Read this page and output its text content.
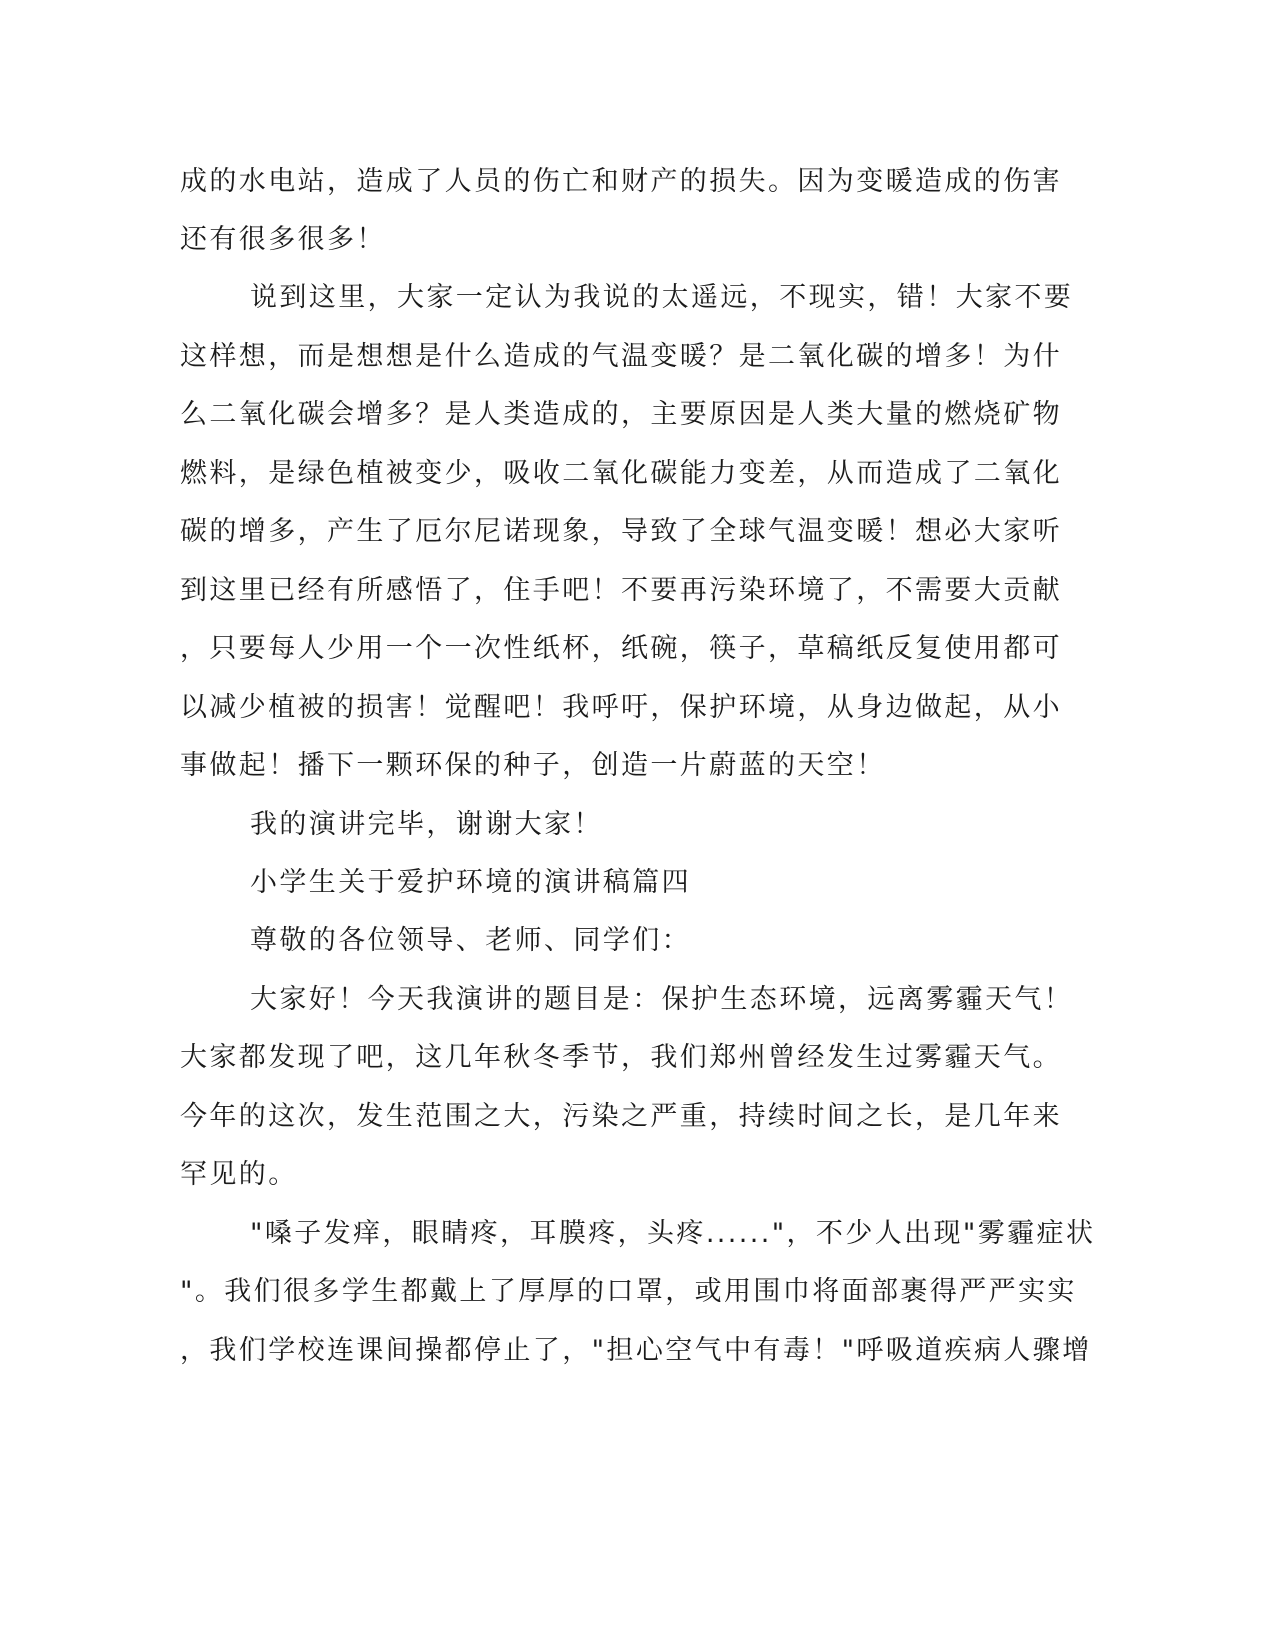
成的水电站，造成了人员的伤亡和财产的损失。因为变暖造成的伤害
还有很多很多！
说到这里，大家一定认为我说的太遥远，不现实，错！大家不要
这样想，而是想想是什么造成的气温变暖？是二氧化碳的增多！为什
么二氧化碳会增多？是人类造成的，主要原因是人类大量的燃烧矿物
燃料，是绿色植被变少，吸收二氧化碳能力变差，从而造成了二氧化
碳的增多，产生了厄尔尼诺现象，导致了全球气温变暖！想必大家听
到这里已经有所感悟了，住手吧！不要再污染环境了，不需要大贡献
，只要每人少用一个一次性纸杯，纸碗，筷子，草稿纸反复使用都可
以减少植被的损害！觉醒吧！我呼吁，保护环境，从身边做起，从小
事做起！播下一颗环保的种子，创造一片蔚蓝的天空！
我的演讲完毕，谢谢大家！
小学生关于爱护环境的演讲稿篇四
尊敬的各位领导、老师、同学们：
大家好！今天我演讲的题目是：保护生态环境，远离雾霾天气！
大家都发现了吧，这几年秋冬季节，我们郑州曾经发生过雾霾天气。
今年的这次，发生范围之大，污染之严重，持续时间之长，是几年来
罕见的。
"嗓子发痒，眼睛疼，耳膜疼，头疼......"，不少人出现"雾霾症状
"。我们很多学生都戴上了厚厚的口罩，或用围巾将面部裹得严严实实
，我们学校连课间操都停止了，"担心空气中有毒！"呼吸道疾病人骤增
